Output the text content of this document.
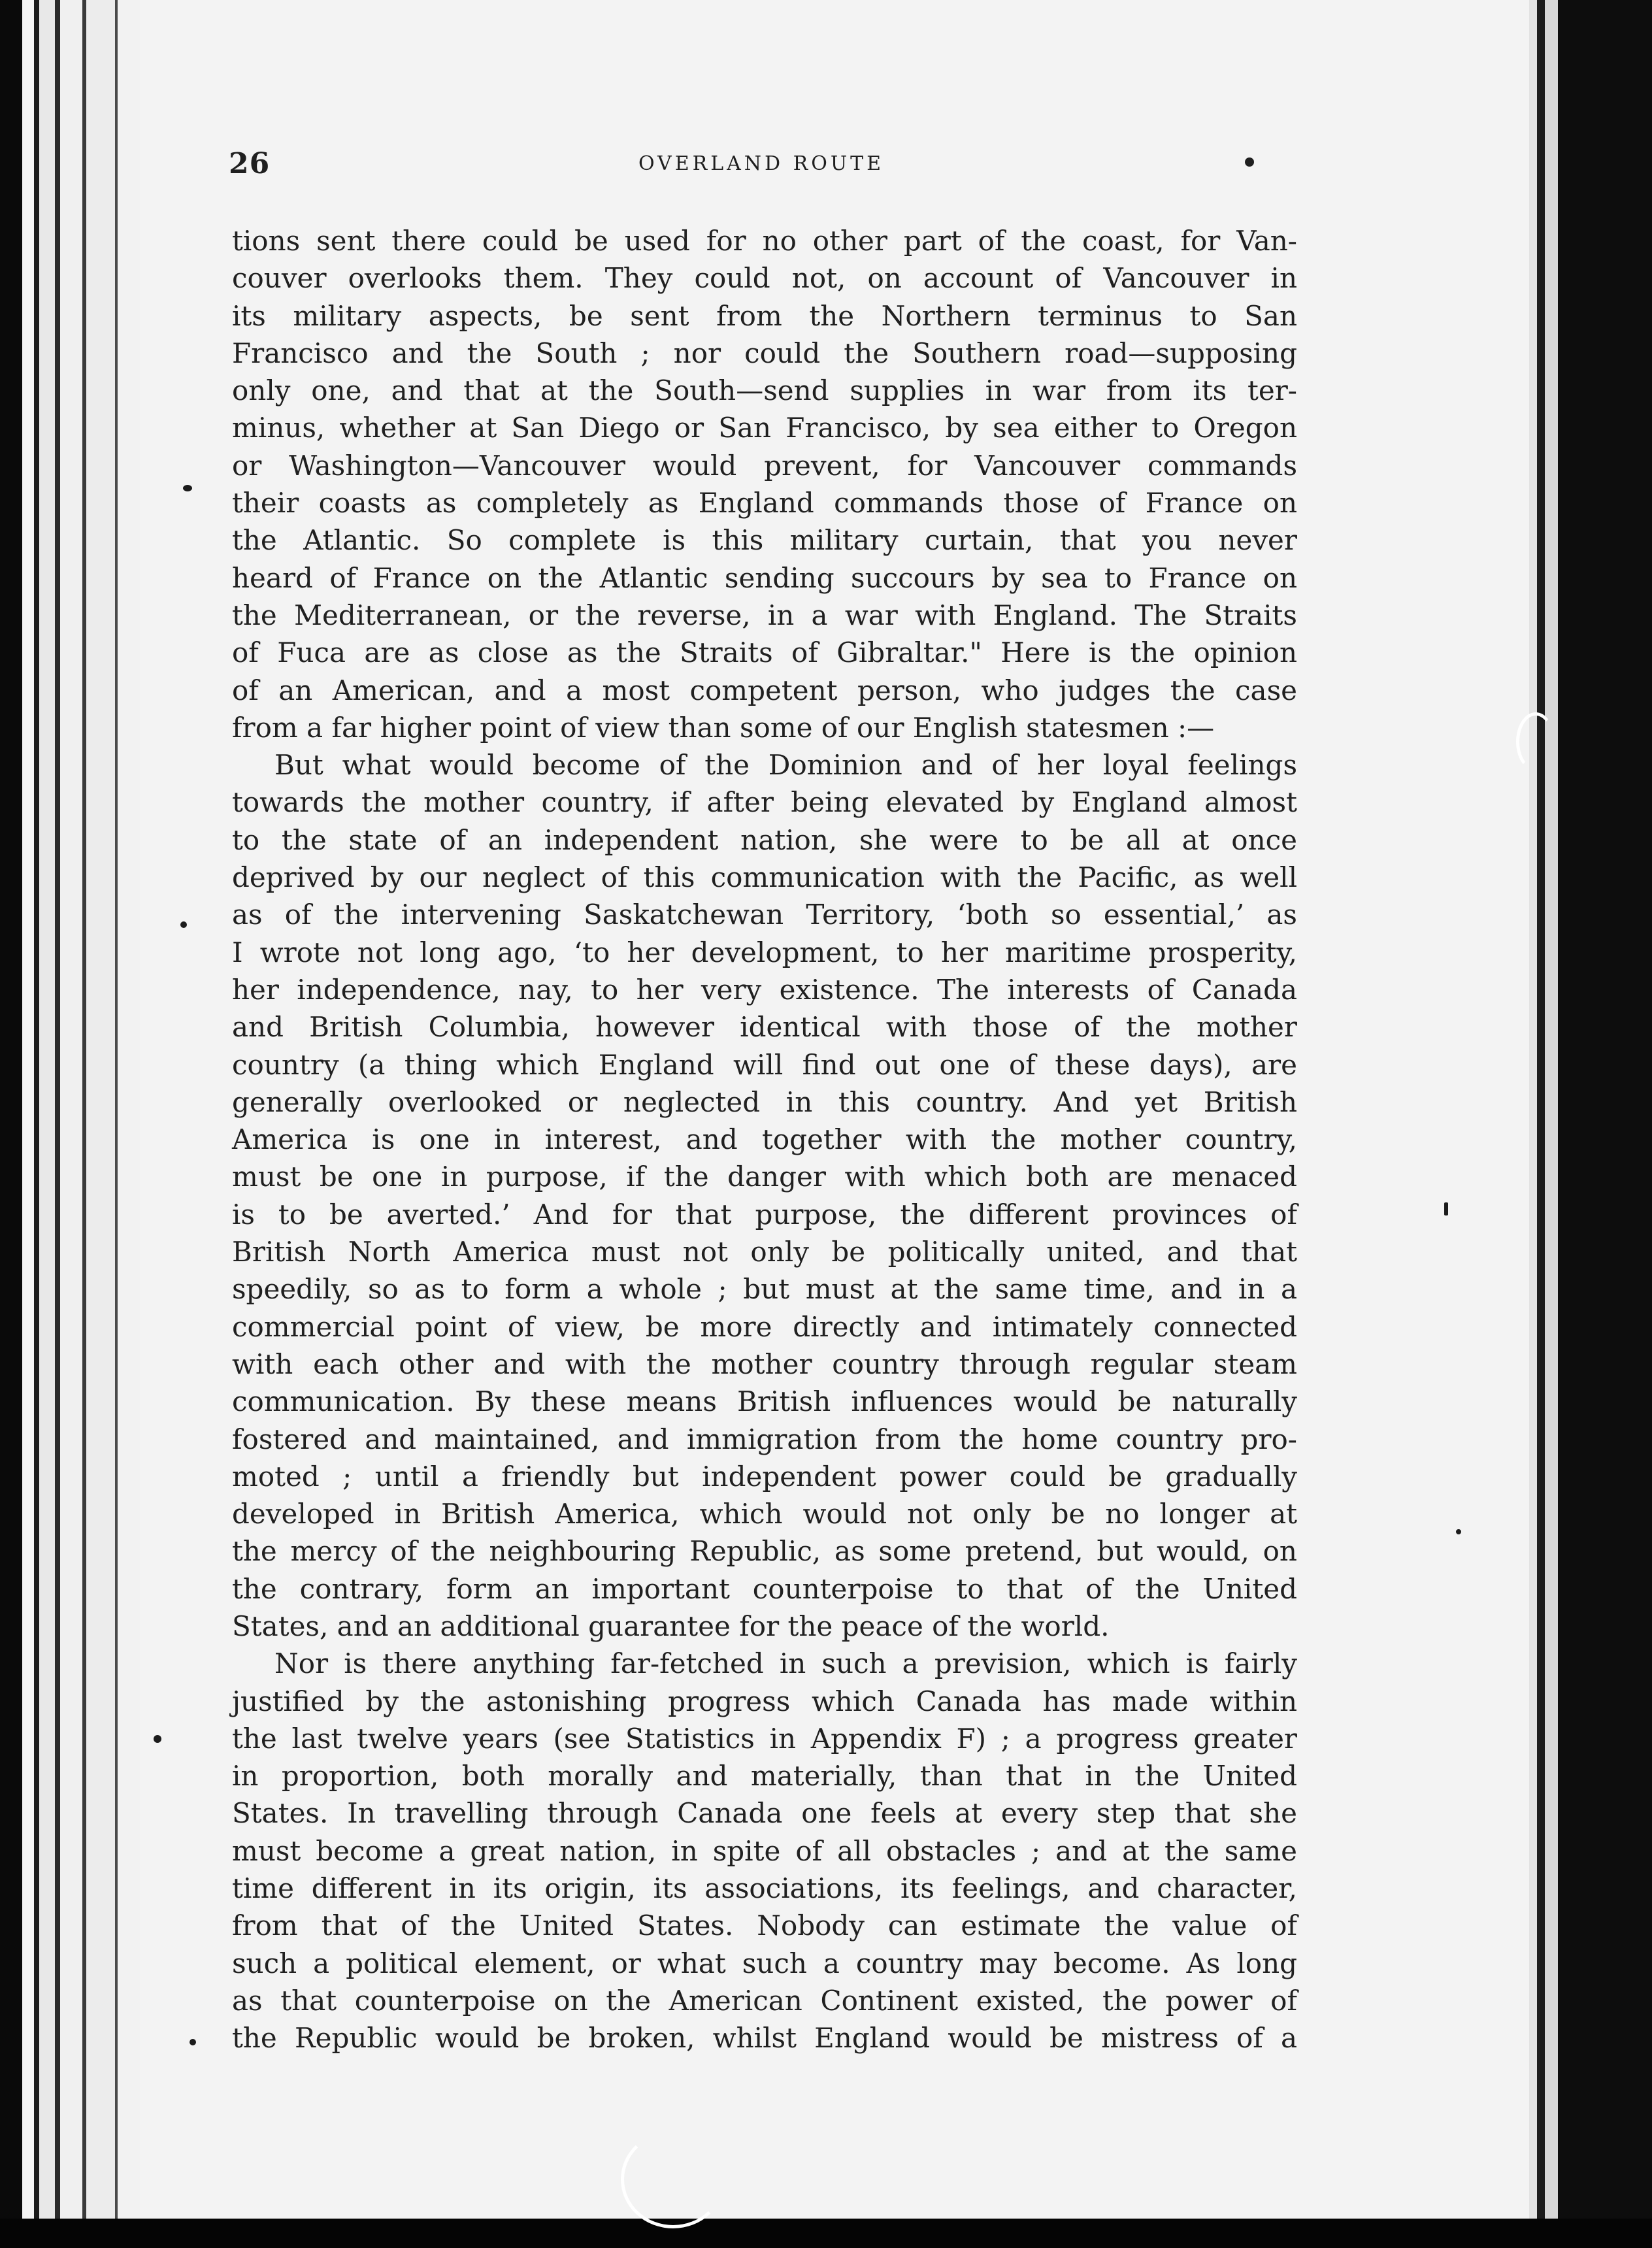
26	OVERLAND ROUTE
tions sent there could be used for no other part of the coast, for Van-
couver overlooks them. They could not, on account of Vancouver in
its military aspects, be sent from the Northern terminus to San
Francisco and the South ; nor could the Southern road—supposing
only one, and that at the South—send supplies in war from its ter-
minus, whether at San Diego or San Francisco, by sea either to Oregon
or Washington—Vancouver would prevent, for Vancouver commands
their coasts as completely as England commands those of France on
the Atlantic. So complete is this military curtain, that you never
heard of France on the Atlantic sending succours by sea to France on
the Mediterranean, or the reverse, in a war with England. The Straits
of Fuca are as close as the Straits of Gibraltar." Here is the opinion
of an American, and a most competent person, who judges the case
from a far higher point of view than some of our English statesmen :—
But what would become of the Dominion and of her loyal feelings
towards the mother country, if after being elevated by England almost
to the state of an independent nation, she were to be all at once
deprived by our neglect of this communication with the Pacific, as well
as of the intervening Saskatchewan Territory, ‘both so essential,’ as
I wrote not long ago, ‘to her development, to her maritime prosperity,
her independence, nay, to her very existence. The interests of Canada
and British Columbia, however identical with those of the mother
country (a thing which England will find out one of these days), are
generally overlooked or neglected in this country. And yet British
America is one in interest, and together with the mother country,
must be one in purpose, if the danger with which both are menaced
is to be averted.’ And for that purpose, the different provinces of
British North America must not only be politically united, and that
speedily, so as to form a whole ; but must at the same time, and in a
commercial point of view, be more directly and intimately connected
with each other and with the mother country through regular steam
communication. By these means British influences would be naturally
fostered and maintained, and immigration from the home country pro-
moted ; until a friendly but independent power could be gradually
developed in British America, which would not only be no longer at
the mercy of the neighbouring Republic, as some pretend, but would, on
the contrary, form an important counterpoise to that of the United
States, and an additional guarantee for the peace of the world.
Nor is there anything far-fetched in such a prevision, which is fairly
justified by the astonishing progress which Canada has made within
the last twelve years (see Statistics in Appendix F) ; a progress greater
in proportion, both morally and materially, than that in the United
States. In travelling through Canada one feels at every step that she
must become a great nation, in spite of all obstacles ; and at the same
time different in its origin, its associations, its feelings, and character,
from that of the United States. Nobody can estimate the value of
such a political element, or what such a country may become. As long
as that counterpoise on the American Continent existed, the power of
the Republic would be broken, whilst England would be mistress of a
